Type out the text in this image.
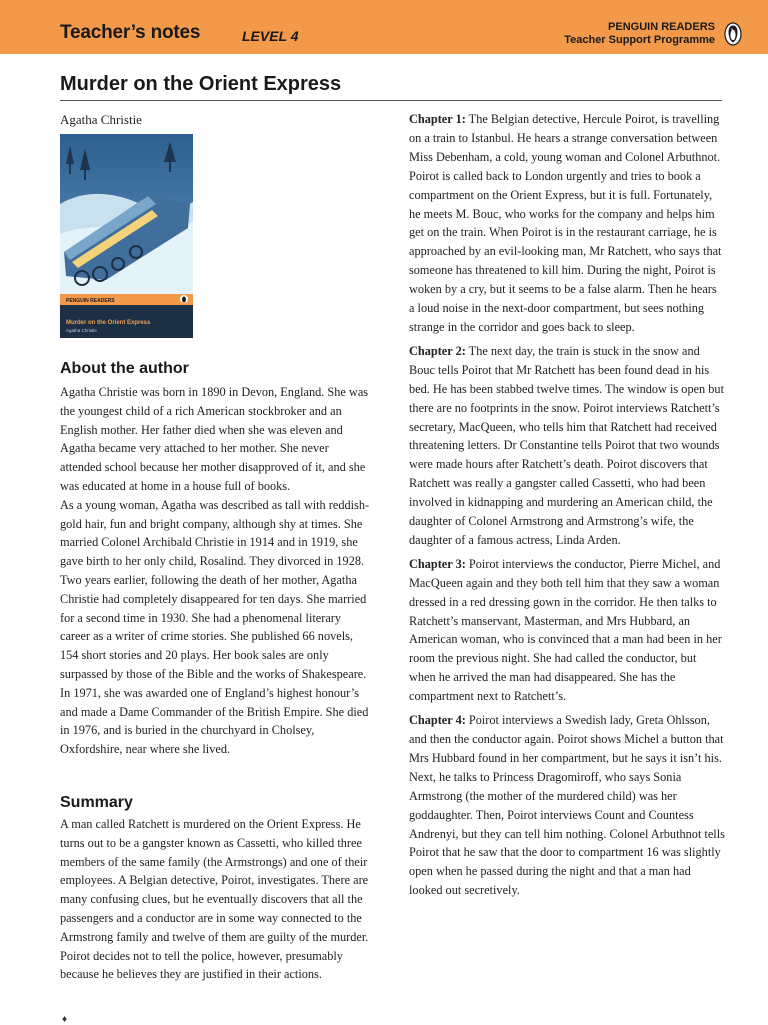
Teacher’s notes	LEVEL 4
PENGUIN READERS
Teacher Support Programme
Murder on the Orient Express
Agatha Christie
PENGUIN READERS
Murder on the Orient Express
Agatha Christie
About the author

Agatha Christie was born in 1890 in Devon, England. She was the youngest child of a rich American stockbroker and an English mother. Her father died when she was eleven and Agatha became very attached to her mother. She never attended school because her mother disapproved of it, and she was educated at home in a house full of books.

As a young woman, Agatha was described as tall with reddish-gold hair, fun and bright company, although shy at times. She married Colonel Archibald Christie in 1914 and in 1919, she gave birth to her only child, Rosalind. They divorced in 1928. Two years earlier, following the death of her mother, Agatha Christie had completely disappeared for ten days. She married for a second time in 1930. She had a phenomenal literary career as a writer of crime stories. She published 66 novels, 154 short stories and 20 plays. Her book sales are only surpassed by those of the Bible and the works of Shakespeare. In 1971, she was awarded one of England’s highest honour’s and made a Dame Commander of the British Empire. She died in 1976, and is buried in the churchyard in Cholsey, Oxfordshire, near where she lived.

Summary

A man called Ratchett is murdered on the Orient Express. He turns out to be a gangster known as Cassetti, who killed three members of the same family (the Armstrongs) and one of their employees. A Belgian detective, Poirot, investigates. There are many confusing clues, but he eventually discovers that all the passengers and a conductor are in some way connected to the Armstrong family and twelve of them are guilty of the murder. Poirot decides not to tell the police, however, presumably because he believes they are justified in their actions.

Chapter 1: The Belgian detective, Hercule Poirot, is travelling on a train to Istanbul. He hears a strange conversation between Miss Debenham, a cold, young woman and Colonel Arbuthnot. Poirot is called back to London urgently and tries to book a compartment on the Orient Express, but it is full. Fortunately, he meets M. Bouc, who works for the company and helps him get on the train. When Poirot is in the restaurant carriage, he is approached by an evil-looking man, Mr Ratchett, who says that someone has threatened to kill him. During the night, Poirot is woken by a cry, but it seems to be a false alarm. Then he hears a loud noise in the next-door compartment, but sees nothing strange in the corridor and goes back to sleep.

Chapter 2: The next day, the train is stuck in the snow and Bouc tells Poirot that Mr Ratchett has been found dead in his bed. He has been stabbed twelve times. The window is open but there are no footprints in the snow. Poirot interviews Ratchett’s secretary, MacQueen, who tells him that Ratchett had received threatening letters. Dr Constantine tells Poirot that two wounds were made hours after Ratchett’s death. Poirot discovers that Ratchett was really a gangster called Cassetti, who had been involved in kidnapping and murdering an American child, the daughter of Colonel Armstrong and Armstrong’s wife, the daughter of a famous actress, Linda Arden.

Chapter 3: Poirot interviews the conductor, Pierre Michel, and MacQueen again and they both tell him that they saw a woman dressed in a red dressing gown in the corridor. He then talks to Ratchett’s manservant, Masterman, and Mrs Hubbard, an American woman, who is convinced that a man had been in her room the previous night. She had called the conductor, but when he arrived the man had disappeared. She has the compartment next to Ratchett’s.

Chapter 4: Poirot interviews a Swedish lady, Greta Ohlsson, and then the conductor again. Poirot shows Michel a button that Mrs Hubbard found in her compartment, but he says it isn’t his. Next, he talks to Princess Dragomiroff, who says Sonia Armstrong (the mother of the murdered child) was her goddaughter. Then, Poirot interviews Count and Countess Andrenyi, but they can tell him nothing. Colonel Arbuthnot tells Poirot that he saw that the door to compartment 16 was slightly open when he passed during the night and that a man had looked out secretively.

♦
